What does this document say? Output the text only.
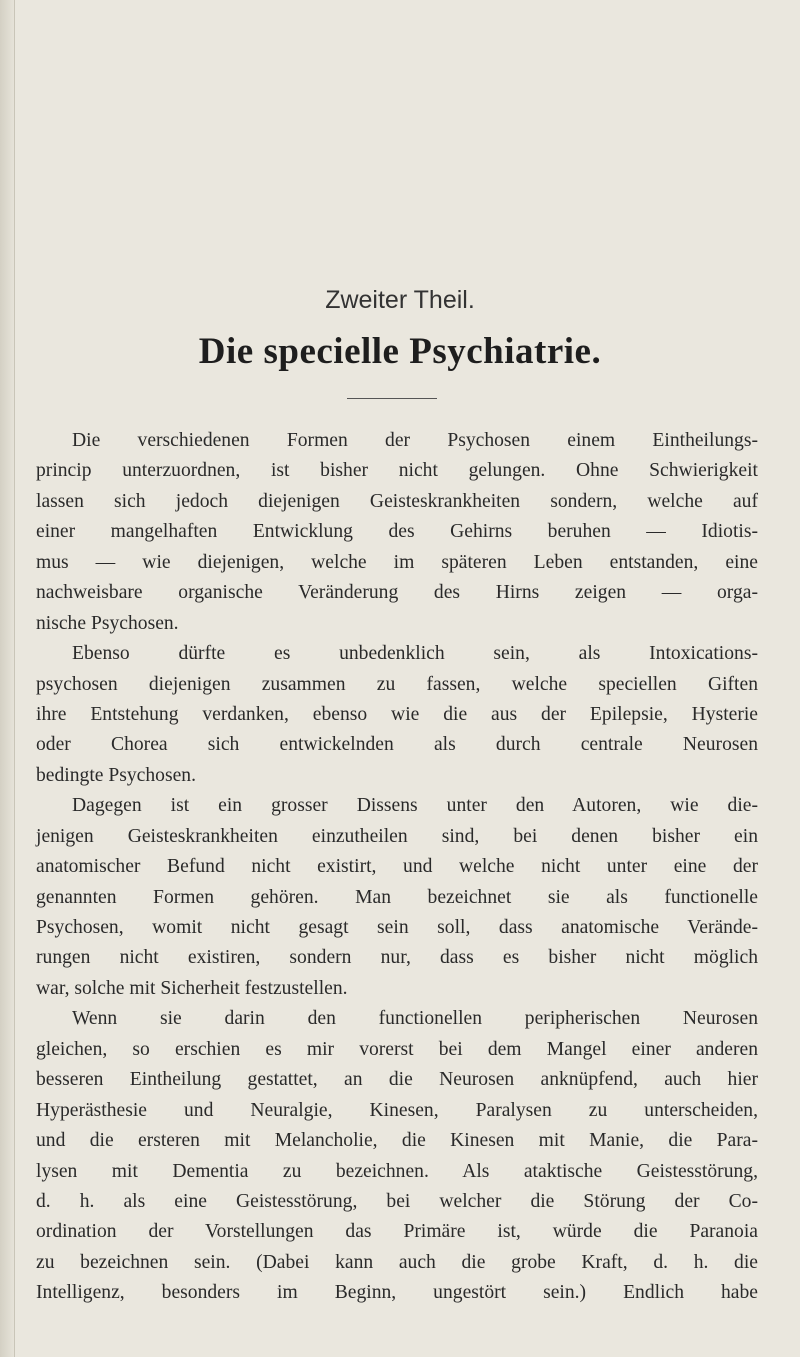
Zweiter Theil.
Die specielle Psychiatrie.
Die verschiedenen Formen der Psychosen einem Eintheilungs-
princip unterzuordnen, ist bisher nicht gelungen. Ohne Schwierigkeit
lassen sich jedoch diejenigen Geisteskrankheiten sondern, welche auf
einer mangelhaften Entwicklung des Gehirns beruhen — Idiotis-
mus — wie diejenigen, welche im späteren Leben entstanden, eine
nachweisbare organische Veränderung des Hirns zeigen — orga-
nische Psychosen.
Ebenso dürfte es unbedenklich sein, als Intoxications-
psychosen diejenigen zusammen zu fassen, welche speciellen Giften
ihre Entstehung verdanken, ebenso wie die aus der Epilepsie, Hysterie
oder Chorea sich entwickelnden als durch centrale Neurosen
bedingte Psychosen.
Dagegen ist ein grosser Dissens unter den Autoren, wie die-
jenigen Geisteskrankheiten einzutheilen sind, bei denen bisher ein
anatomischer Befund nicht existirt, und welche nicht unter eine der
genannten Formen gehören. Man bezeichnet sie als functionelle
Psychosen, womit nicht gesagt sein soll, dass anatomische Verände-
rungen nicht existiren, sondern nur, dass es bisher nicht möglich
war, solche mit Sicherheit festzustellen.
Wenn sie darin den functionellen peripherischen Neurosen
gleichen, so erschien es mir vorerst bei dem Mangel einer anderen
besseren Eintheilung gestattet, an die Neurosen anknüpfend, auch hier
Hyperästhesie und Neuralgie, Kinesen, Paralysen zu unterscheiden,
und die ersteren mit Melancholie, die Kinesen mit Manie, die Para-
lysen mit Dementia zu bezeichnen. Als ataktische Geistesstörung,
d. h. als eine Geistesstörung, bei welcher die Störung der Co-
ordination der Vorstellungen das Primäre ist, würde die Paranoia
zu bezeichnen sein. (Dabei kann auch die grobe Kraft, d. h. die
Intelligenz, besonders im Beginn, ungestört sein.) Endlich habe
